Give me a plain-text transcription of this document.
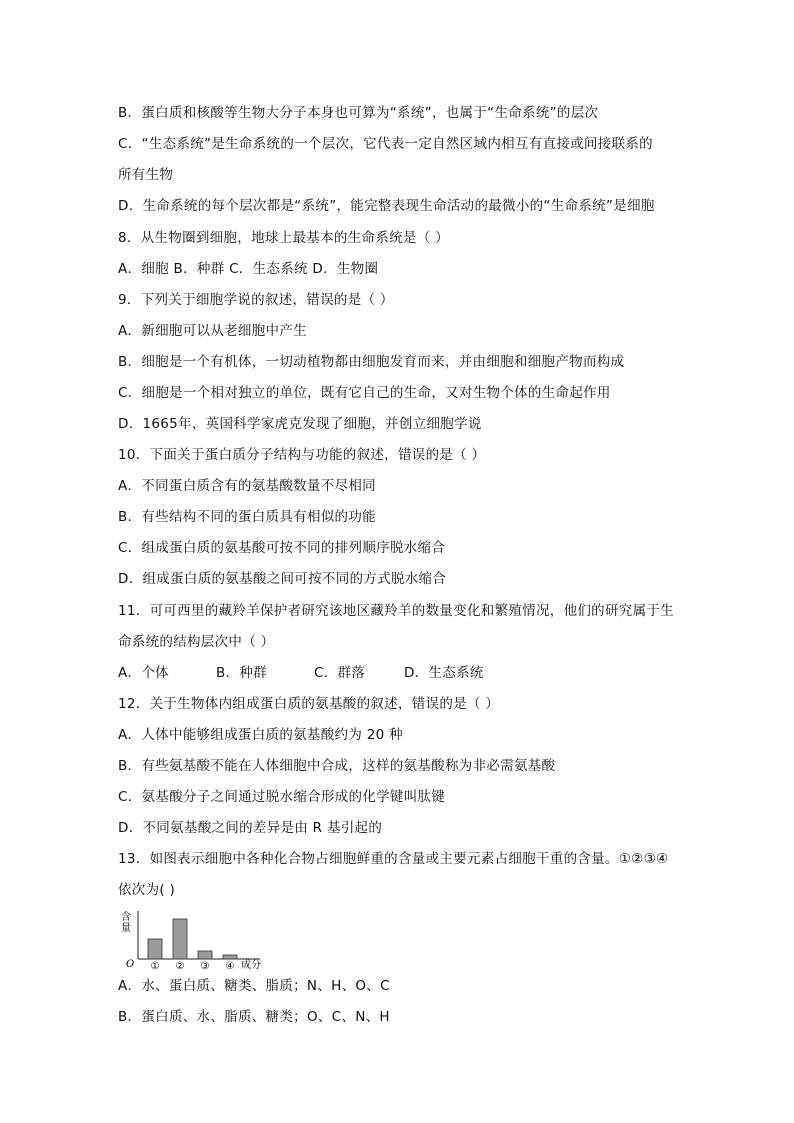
B．蛋白质和核酸等生物大分子本身也可算为“系统”，也属于“生命系统”的层次
C．“生态系统”是生命系统的一个层次，它代表一定自然区域内相互有直接或间接联系的
所有生物
D．生命系统的每个层次都是“系统”，能完整表现生命活动的最微小的“生命系统”是细胞
8．从生物圈到细胞，地球上最基本的生命系统是（ ）
A．细胞 B．种群 C．生态系统 D．生物圈
9．下列关于细胞学说的叙述，错误的是（ ）
A．新细胞可以从老细胞中产生
B．细胞是一个有机体，一切动植物都由细胞发育而来，并由细胞和细胞产物而构成
C．细胞是一个相对独立的单位，既有它自己的生命，又对生物个体的生命起作用
D．1665年，英国科学家虎克发现了细胞，并创立细胞学说
10．下面关于蛋白质分子结构与功能的叙述，错误的是（ ）
A．不同蛋白质含有的氨基酸数量不尽相同
B．有些结构不同的蛋白质具有相似的功能
C．组成蛋白质的氨基酸可按不同的排列顺序脱水缩合
D．组成蛋白质的氨基酸之间可按不同的方式脱水缩合
11．可可西里的藏羚羊保护者研究该地区藏羚羊的数量变化和繁殖情况，他们的研究属于生
命系统的结构层次中（ ）
A．个体	B．种群	C．群落	D．生态系统
12．关于生物体内组成蛋白质的氨基酸的叙述，错误的是（ ）
A．人体中能够组成蛋白质的氨基酸约为 20 种
B．有些氨基酸不能在人体细胞中合成，这样的氨基酸称为非必需氨基酸
C．氨基酸分子之间通过脱水缩合形成的化学键叫肽键
D．不同氨基酸之间的差异是由 R 基引起的
13．如图表示细胞中各种化合物占细胞鲜重的含量或主要元素占细胞干重的含量。①②③④
依次为( )
含
量
O ① ② ③ ④ 成分
A．水、蛋白质、糖类、脂质；N、H、O、C
B．蛋白质、水、脂质、糖类；O、C、N、H
